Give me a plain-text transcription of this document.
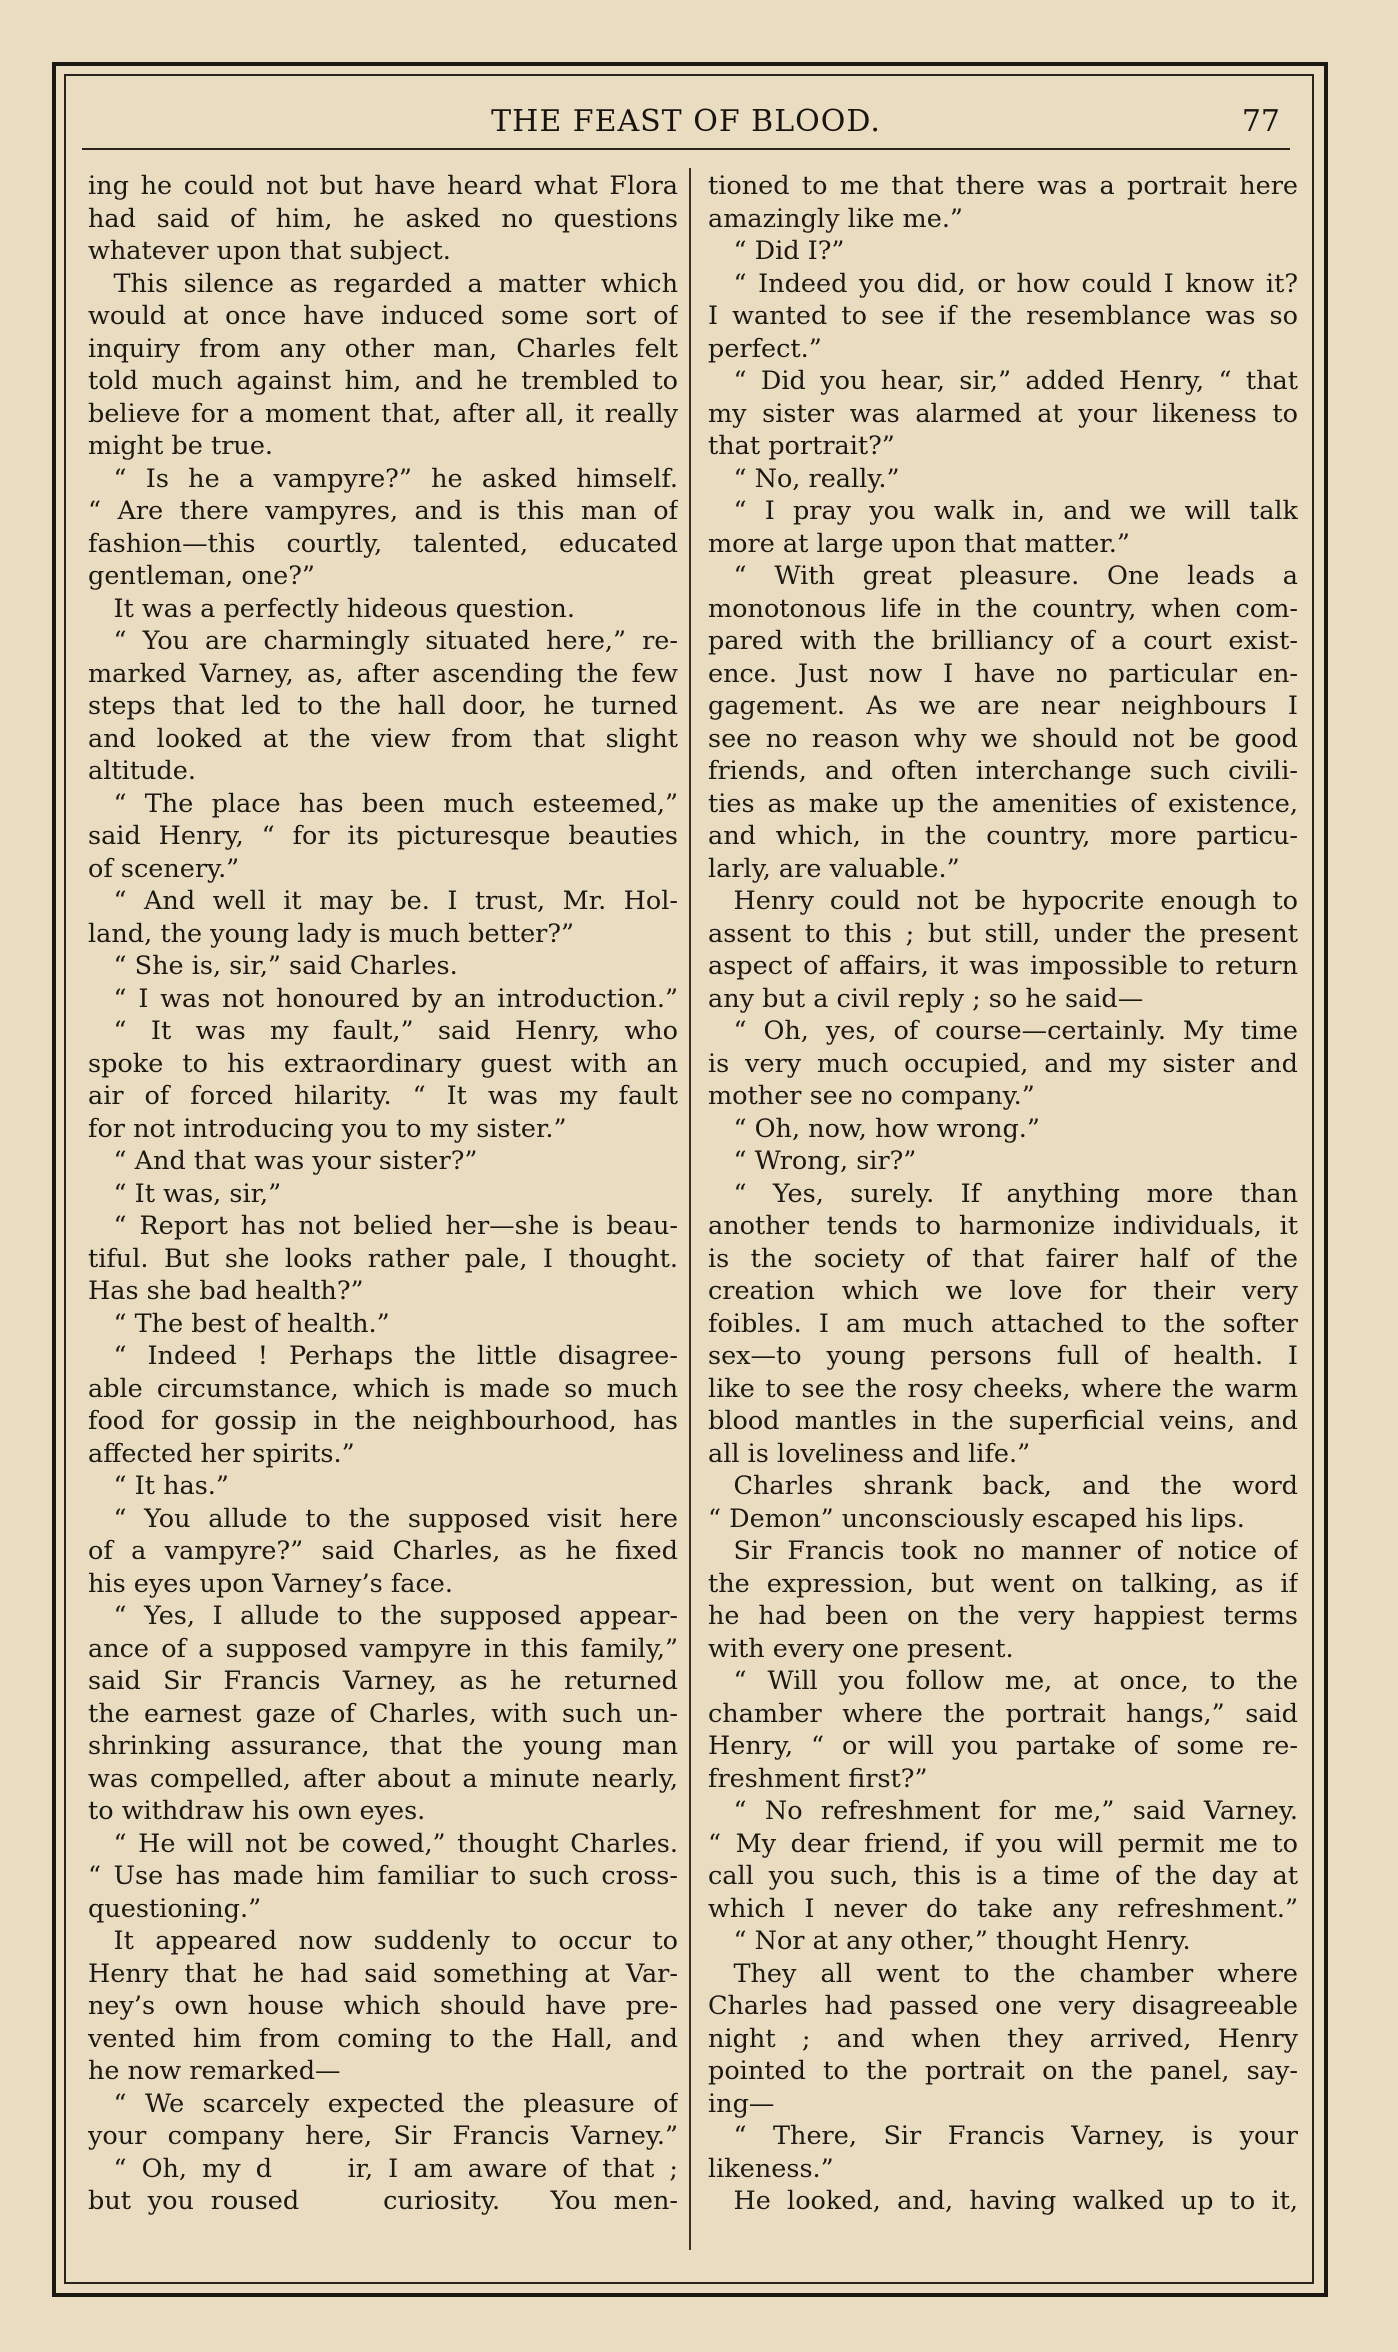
THE FEAST OF BLOOD.	77
ing he could not but have heard what Flora
had said of him, he asked no questions
whatever upon that subject.
 This silence as regarded a matter which
would at once have induced some sort of
inquiry from any other man, Charles felt
told much against him, and he trembled to
believe for a moment that, after all, it really
might be true.
 “ Is he a vampyre?” he asked himself.
“ Are there vampyres, and is this man of
fashion—this courtly, talented, educated
gentleman, one?”
 It was a perfectly hideous question.
 “ You are charmingly situated here,” re-
marked Varney, as, after ascending the few
steps that led to the hall door, he turned
and looked at the view from that slight
altitude.
 “ The place has been much esteemed,”
said Henry, “ for its picturesque beauties
of scenery.”
 “ And well it may be. I trust, Mr. Hol-
land, the young lady is much better?”
 “ She is, sir,” said Charles.
 “ I was not honoured by an introduction.”
 “ It was my fault,” said Henry, who
spoke to his extraordinary guest with an
air of forced hilarity. “ It was my fault
for not introducing you to my sister.”
 “ And that was your sister?”
 “ It was, sir,”
 “ Report has not belied her—she is beau-
tiful. But she looks rather pale, I thought.
Has she bad health?”
 “ The best of health.”
 “ Indeed ! Perhaps the little disagree-
able circumstance, which is made so much
food for gossip in the neighbourhood, has
affected her spirits.”
 “ It has.”
 “ You allude to the supposed visit here
of a vampyre?” said Charles, as he fixed
his eyes upon Varney’s face.
 “ Yes, I allude to the supposed appear-
ance of a supposed vampyre in this family,”
said Sir Francis Varney, as he returned
the earnest gaze of Charles, with such un-
shrinking assurance, that the young man
was compelled, after about a minute nearly,
to withdraw his own eyes.
 “ He will not be cowed,” thought Charles.
“ Use has made him familiar to such cross-
questioning.”
 It appeared now suddenly to occur to
Henry that he had said something at Var-
ney’s own house which should have pre-
vented him from coming to the Hall, and
he now remarked—
 “ We scarcely expected the pleasure of
your company here, Sir Francis Varney.”
 “ Oh, my d     ir, I am aware of that ;
but you roused     curiosity.   You men-
tioned to me that there was a portrait here
amazingly like me.”
 “ Did I?”
 “ Indeed you did, or how could I know it?
I wanted to see if the resemblance was so
perfect.”
 “ Did you hear, sir,” added Henry, “ that
my sister was alarmed at your likeness to
that portrait?”
 “ No, really.”
 “ I pray you walk in, and we will talk
more at large upon that matter.”
 “ With great pleasure. One leads a
monotonous life in the country, when com-
pared with the brilliancy of a court exist-
ence. Just now I have no particular en-
gagement. As we are near neighbours I
see no reason why we should not be good
friends, and often interchange such civili-
ties as make up the amenities of existence,
and which, in the country, more particu-
larly, are valuable.”
 Henry could not be hypocrite enough to
assent to this ; but still, under the present
aspect of affairs, it was impossible to return
any but a civil reply ; so he said—
 “ Oh, yes, of course—certainly. My time
is very much occupied, and my sister and
mother see no company.”
 “ Oh, now, how wrong.”
 “ Wrong, sir?”
 “ Yes, surely. If anything more than
another tends to harmonize individuals, it
is the society of that fairer half of the
creation which we love for their very
foibles. I am much attached to the softer
sex—to young persons full of health. I
like to see the rosy cheeks, where the warm
blood mantles in the superficial veins, and
all is loveliness and life.”
 Charles shrank back, and the word
“ Demon” unconsciously escaped his lips.
 Sir Francis took no manner of notice of
the expression, but went on talking, as if
he had been on the very happiest terms
with every one present.
 “ Will you follow me, at once, to the
chamber where the portrait hangs,” said
Henry, “ or will you partake of some re-
freshment first?”
 “ No refreshment for me,” said Varney.
“ My dear friend, if you will permit me to
call you such, this is a time of the day at
which I never do take any refreshment.”
 “ Nor at any other,” thought Henry.
 They all went to the chamber where
Charles had passed one very disagreeable
night ; and when they arrived, Henry
pointed to the portrait on the panel, say-
ing—
 “ There, Sir Francis Varney, is your
likeness.”
 He looked, and, having walked up to it,
